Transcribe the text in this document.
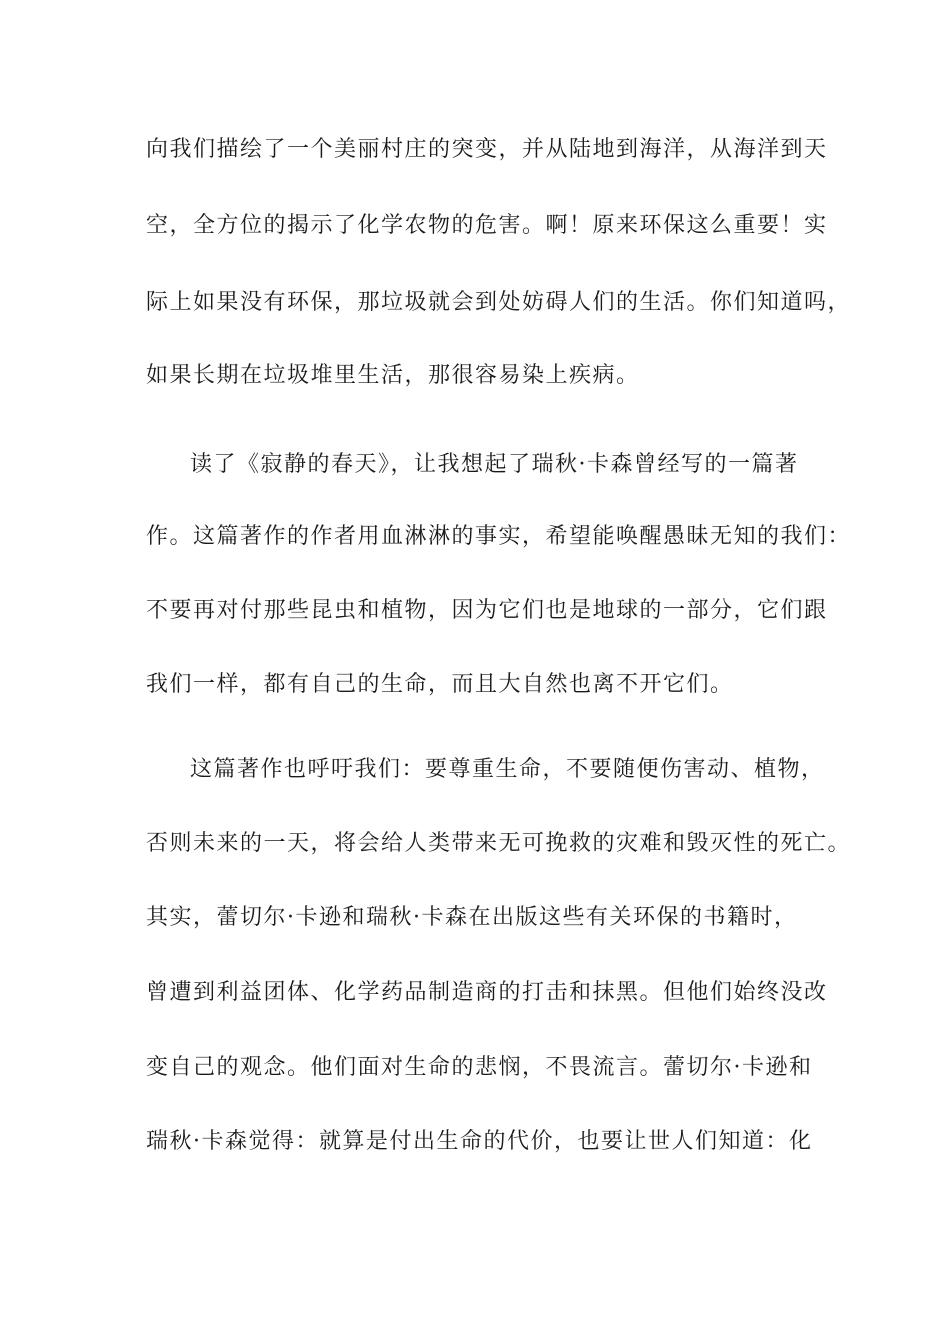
向我们描绘了一个美丽村庄的突变，并从陆地到海洋，从海洋到天
空，全方位的揭示了化学农物的危害。啊！原来环保这么重要！实
际上如果没有环保，那垃圾就会到处妨碍人们的生活。你们知道吗，
如果长期在垃圾堆里生活，那很容易染上疾病。
读了《寂静的春天》，让我想起了瑞秋·卡森曾经写的一篇著
作。这篇著作的作者用血淋淋的事实，希望能唤醒愚昧无知的我们：
不要再对付那些昆虫和植物，因为它们也是地球的一部分，它们跟
我们一样，都有自己的生命，而且大自然也离不开它们。
这篇著作也呼吁我们：要尊重生命，不要随便伤害动、植物，
否则未来的一天，将会给人类带来无可挽救的灾难和毁灭性的死亡。
其实，蕾切尔·卡逊和瑞秋·卡森在出版这些有关环保的书籍时，
曾遭到利益团体、化学药品制造商的打击和抹黑。但他们始终没改
变自己的观念。他们面对生命的悲悯，不畏流言。蕾切尔·卡逊和
瑞秋·卡森觉得：就算是付出生命的代价，也要让世人们知道：化
